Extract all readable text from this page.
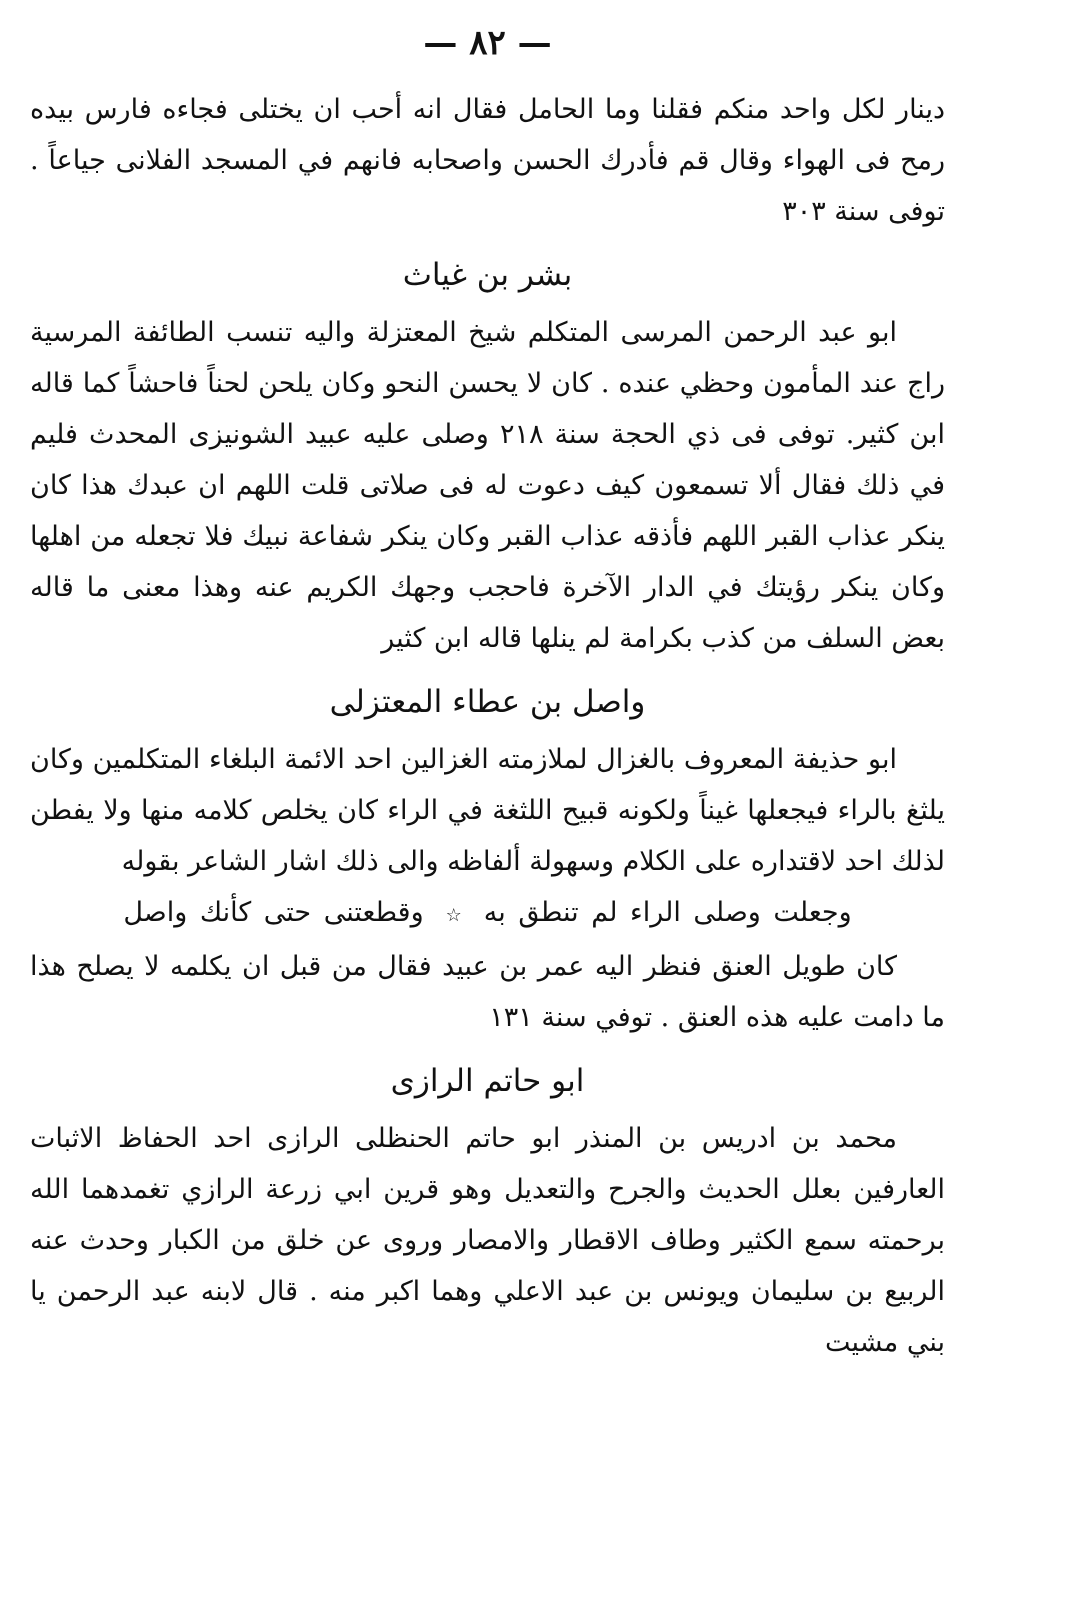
— ٨٢ —

دينار لكل واحد منكم فقلنا وما الحامل فقال انه أحب ان يختلى فجاءه فارس بيده رمح فى الهواء وقال قم فأدرك الحسن واصحابه فانهم في المسجد الفلانى جياعاً . توفى سنة ٣٠٣

بشر بن غياث

ابو عبد الرحمن المرسى المتكلم شيخ المعتزلة واليه تنسب الطائفة المرسية راج عند المأمون وحظي عنده . كان لا يحسن النحو وكان يلحن لحناً فاحشاً كما قاله ابن كثير. توفى فى ذي الحجة سنة ٢١٨ وصلى عليه عبيد الشونيزى المحدث فليم في ذلك فقال ألا تسمعون كيف دعوت له فى صلاتى قلت اللهم ان عبدك هذا كان ينكر عذاب القبر اللهم فأذقه عذاب القبر وكان ينكر شفاعة نبيك فلا تجعله من اهلها وكان ينكر رؤيتك في الدار الآخرة فاحجب وجهك الكريم عنه وهذا معنى ما قاله بعض السلف من كذب بكرامة لم ينلها قاله ابن كثير

واصل بن عطاء المعتزلى

ابو حذيفة المعروف بالغزال لملازمته الغزالين احد الائمة البلغاء المتكلمين وكان يلثغ بالراء فيجعلها غيناً ولكونه قبيح اللثغة في الراء كان يخلص كلامه منها ولا يفطن لذلك احد لاقتداره على الكلام وسهولة ألفاظه والى ذلك اشار الشاعر بقوله

وجعلت وصلى الراء لم تنطق به☆وقطعتنى حتى كأنك واصل

كان طويل العنق فنظر اليه عمر بن عبيد فقال من قبل ان يكلمه لا يصلح هذا ما دامت عليه هذه العنق . توفي سنة ١٣١

ابو حاتم الرازى

محمد بن ادريس بن المنذر ابو حاتم الحنظلى الرازى احد الحفاظ الاثبات العارفين بعلل الحديث والجرح والتعديل وهو قرين ابي زرعة الرازي تغمدهما الله برحمته سمع الكثير وطاف الاقطار والامصار وروى عن خلق من الكبار وحدث عنه الربيع بن سليمان ويونس بن عبد الاعلي وهما اكبر منه . قال لابنه عبد الرحمن يا بني مشيت
